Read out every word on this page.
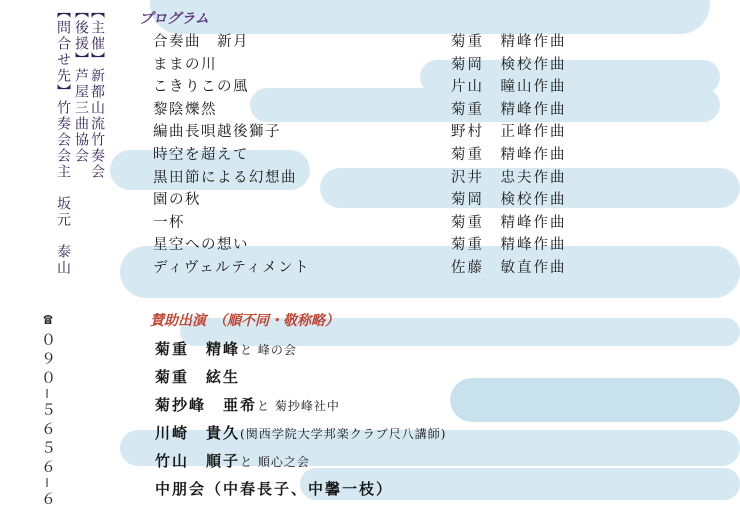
【主催】新都山流竹奏会
【後援】芦屋三曲協会
【問合せ先】竹奏会会主　坂元　泰山
☎０９０—５６５６—６
プログラム
合奏曲　新月	菊重　精峰作曲
ままの川	菊岡　検校作曲
こきりこの風	片山　瞳山作曲
黎陰爍然	菊重　精峰作曲
編曲長唄越後獅子	野村　正峰作曲
時空を超えて	菊重　精峰作曲
黒田節による幻想曲	沢井　忠夫作曲
園の秋	菊岡　検校作曲
一杯	菊重　精峰作曲
星空への想い	菊重　精峰作曲
ディヴェルティメント	佐藤　敏直作曲
賛助出演　（順不同・敬称略）
菊重　精峰と 峰の会
菊重　絃生
菊抄峰　亜希と 菊抄峰社中
川崎　貴久(関西学院大学邦楽クラブ尺八講師)
竹山　順子と 順心之会
中朋会（中春長子、中馨一枝）
